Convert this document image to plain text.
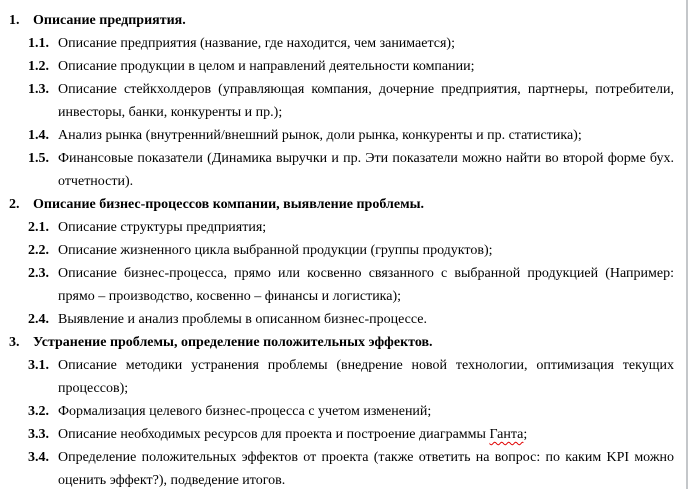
1. Описание предприятия.
1.1. Описание предприятия (название, где находится, чем занимается);
1.2. Описание продукции в целом и направлений деятельности компании;
1.3. Описание стейкхолдеров (управляющая компания, дочерние предприятия, партнеры, потребители, инвесторы, банки, конкуренты и пр.);
1.4. Анализ рынка (внутренний/внешний рынок, доли рынка, конкуренты и пр. статистика);
1.5. Финансовые показатели (Динамика выручки и пр. Эти показатели можно найти во второй форме бух. отчетности).
2. Описание бизнес-процессов компании, выявление проблемы.
2.1. Описание структуры предприятия;
2.2. Описание жизненного цикла выбранной продукции (группы продуктов);
2.3. Описание бизнес-процесса, прямо или косвенно связанного с выбранной продукцией (Например: прямо – производство, косвенно – финансы и логистика);
2.4. Выявление и анализ проблемы в описанном бизнес-процессе.
3. Устранение проблемы, определение положительных эффектов.
3.1. Описание методики устранения проблемы (внедрение новой технологии, оптимизация текущих процессов);
3.2. Формализация целевого бизнес-процесса с учетом изменений;
3.3. Описание необходимых ресурсов для проекта и построение диаграммы Ганта;
3.4. Определение положительных эффектов от проекта (также ответить на вопрос: по каким KPI можно оценить эффект?), подведение итогов.
